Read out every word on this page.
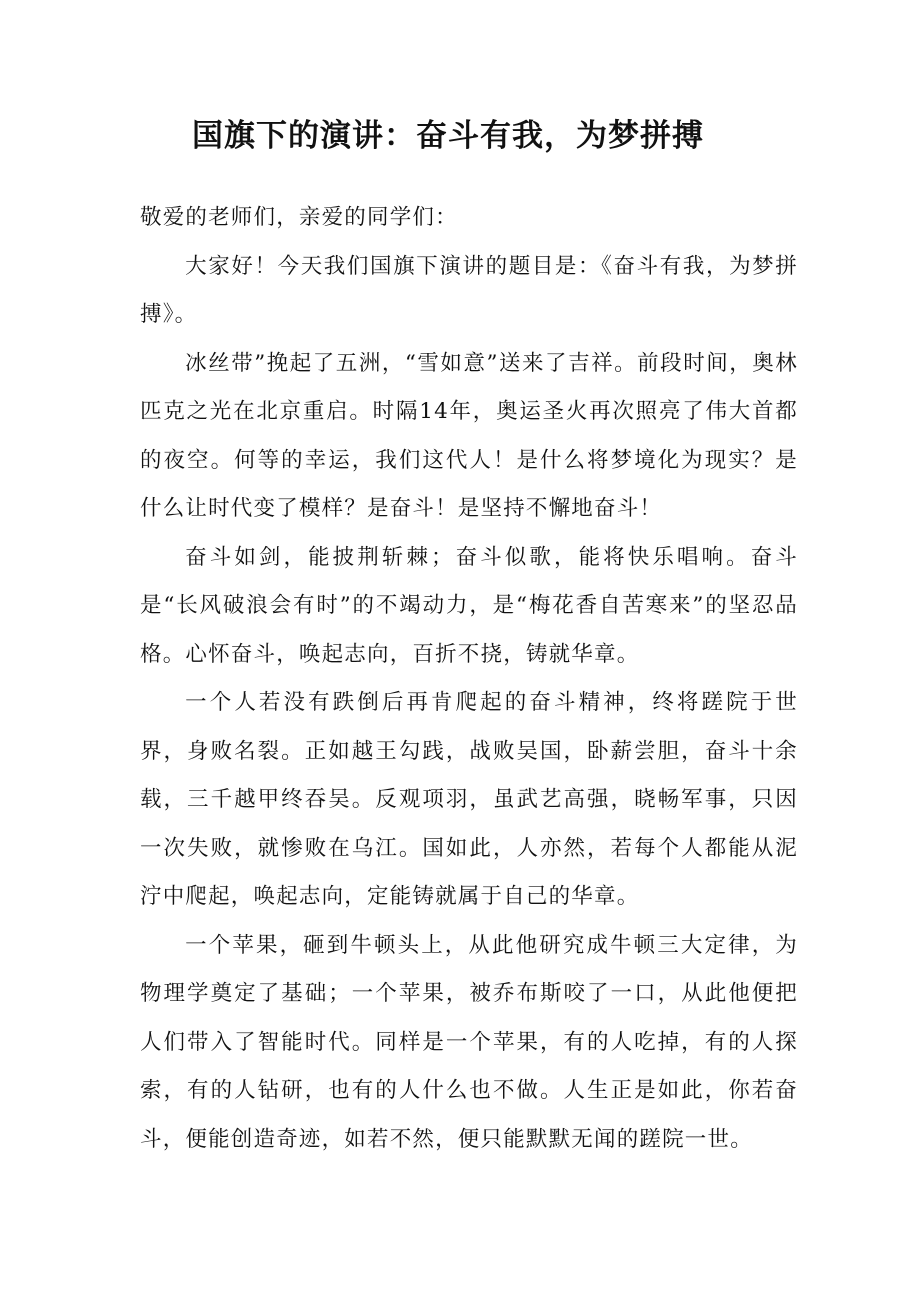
国旗下的演讲：奋斗有我，为梦拼搏

敬爱的老师们，亲爱的同学们：

大家好！今天我们国旗下演讲的题目是：《奋斗有我，为梦拼搏》。

冰丝带”挽起了五洲，“雪如意”送来了吉祥。前段时间，奥林匹克之光在北京重启。时隔14年，奥运圣火再次照亮了伟大首都的夜空。何等的幸运，我们这代人！是什么将梦境化为现实？是什么让时代变了模样？是奋斗！是坚持不懈地奋斗！

奋斗如剑，能披荆斩棘；奋斗似歌，能将快乐唱响。奋斗是“长风破浪会有时”的不竭动力，是“梅花香自苦寒来”的坚忍品格。心怀奋斗，唤起志向，百折不挠，铸就华章。

一个人若没有跌倒后再肯爬起的奋斗精神，终将蹉院于世界，身败名裂。正如越王勾践，战败吴国，卧薪尝胆，奋斗十余载，三千越甲终吞吴。反观项羽，虽武艺高强，晓畅军事，只因一次失败，就惨败在乌江。国如此，人亦然，若每个人都能从泥泞中爬起，唤起志向，定能铸就属于自己的华章。

一个苹果，砸到牛顿头上，从此他研究成牛顿三大定律，为物理学奠定了基础；一个苹果，被乔布斯咬了一口，从此他便把人们带入了智能时代。同样是一个苹果，有的人吃掉，有的人探索，有的人钻研，也有的人什么也不做。人生正是如此，你若奋斗，便能创造奇迹，如若不然，便只能默默无闻的蹉院一世。
